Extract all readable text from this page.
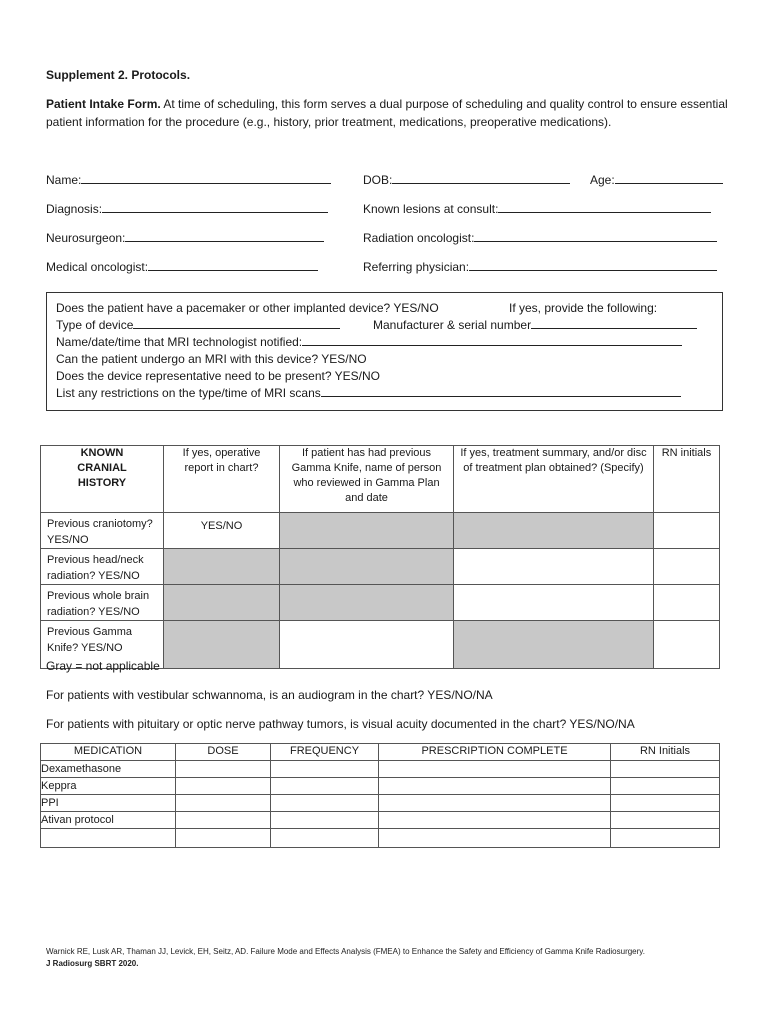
Supplement 2. Protocols.
Patient Intake Form. At time of scheduling, this form serves a dual purpose of scheduling and quality control to ensure essential patient information for the procedure (e.g., history, prior treatment, medications, preoperative medications).
Name:	DOB:	Age:
Diagnosis:	Known lesions at consult:
Neurosurgeon:	Radiation oncologist:
Medical oncologist:	Referring physician:
Does the patient have a pacemaker or other implanted device? YES/NO	If yes, provide the following:
Type of device	Manufacturer & serial number
Name/date/time that MRI technologist notified:
Can the patient undergo an MRI with this device? YES/NO
Does the device representative need to be present? YES/NO
List any restrictions on the type/time of MRI scans
KNOWN CRANIAL HISTORY	If yes, operative report in chart?	If patient has had previous Gamma Knife, name of person who reviewed in Gamma Plan and date	If yes, treatment summary, and/or disc of treatment plan obtained? (Specify)	RN initials
Previous craniotomy? YES/NO	YES/NO			

Previous head/neck radiation? YES/NO				
Previous whole brain radiation? YES/NO				
Previous Gamma Knife? YES/NO				
Gray = not applicable
For patients with vestibular schwannoma, is an audiogram in the chart? YES/NO/NA
For patients with pituitary or optic nerve pathway tumors, is visual acuity documented in the chart? YES/NO/NA
MEDICATION	DOSE	FREQUENCY	PRESCRIPTION COMPLETE	RN Initials
Dexamethasone				
Keppra				
PPI				
Ativan protocol				

Warnick RE, Lusk AR, Thaman JJ, Levick, EH, Seitz, AD. Failure Mode and Effects Analysis (FMEA) to Enhance the Safety and Efficiency of Gamma Knife Radiosurgery.
J Radiosurg SBRT 2020.
